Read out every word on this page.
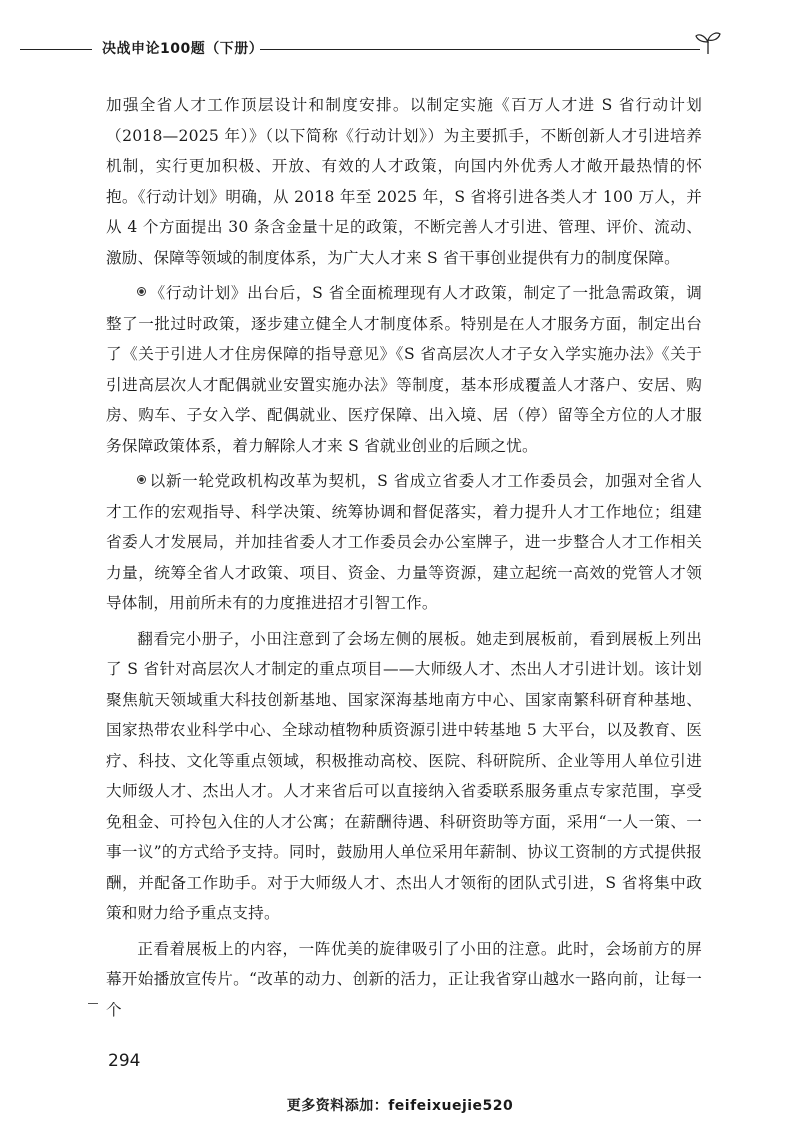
决战申论100题（下册）

加强全省人才工作顶层设计和制度安排。以制定实施《百万人才进 S 省行动计划（2018—2025 年）》（以下简称《行动计划》）为主要抓手，不断创新人才引进培养机制，实行更加积极、开放、有效的人才政策，向国内外优秀人才敞开最热情的怀抱。《行动计划》明确，从 2018 年至 2025 年，S 省将引进各类人才 100 万人，并从 4 个方面提出 30 条含金量十足的政策，不断完善人才引进、管理、评价、流动、激励、保障等领域的制度体系，为广大人才来 S 省干事创业提供有力的制度保障。

《行动计划》出台后，S 省全面梳理现有人才政策，制定了一批急需政策，调整了一批过时政策，逐步建立健全人才制度体系。特别是在人才服务方面，制定出台了《关于引进人才住房保障的指导意见》《S 省高层次人才子女入学实施办法》《关于引进高层次人才配偶就业安置实施办法》等制度，基本形成覆盖人才落户、安居、购房、购车、子女入学、配偶就业、医疗保障、出入境、居（停）留等全方位的人才服务保障政策体系，着力解除人才来 S 省就业创业的后顾之忧。

以新一轮党政机构改革为契机，S 省成立省委人才工作委员会，加强对全省人才工作的宏观指导、科学决策、统筹协调和督促落实，着力提升人才工作地位；组建省委人才发展局，并加挂省委人才工作委员会办公室牌子，进一步整合人才工作相关力量，统筹全省人才政策、项目、资金、力量等资源，建立起统一高效的党管人才领导体制，用前所未有的力度推进招才引智工作。

翻看完小册子，小田注意到了会场左侧的展板。她走到展板前，看到展板上列出了 S 省针对高层次人才制定的重点项目——大师级人才、杰出人才引进计划。该计划聚焦航天领域重大科技创新基地、国家深海基地南方中心、国家南繁科研育种基地、国家热带农业科学中心、全球动植物种质资源引进中转基地 5 大平台，以及教育、医疗、科技、文化等重点领域，积极推动高校、医院、科研院所、企业等用人单位引进大师级人才、杰出人才。人才来省后可以直接纳入省委联系服务重点专家范围，享受免租金、可拎包入住的人才公寓；在薪酬待遇、科研资助等方面，采用“一人一策、一事一议”的方式给予支持。同时，鼓励用人单位采用年薪制、协议工资制的方式提供报酬，并配备工作助手。对于大师级人才、杰出人才领衔的团队式引进，S 省将集中政策和财力给予重点支持。

正看着展板上的内容，一阵优美的旋律吸引了小田的注意。此时，会场前方的屏幕开始播放宣传片。“改革的动力、创新的活力，正让我省穿山越水一路向前，让每一个

294
更多资料添加：feifeixuejie520
